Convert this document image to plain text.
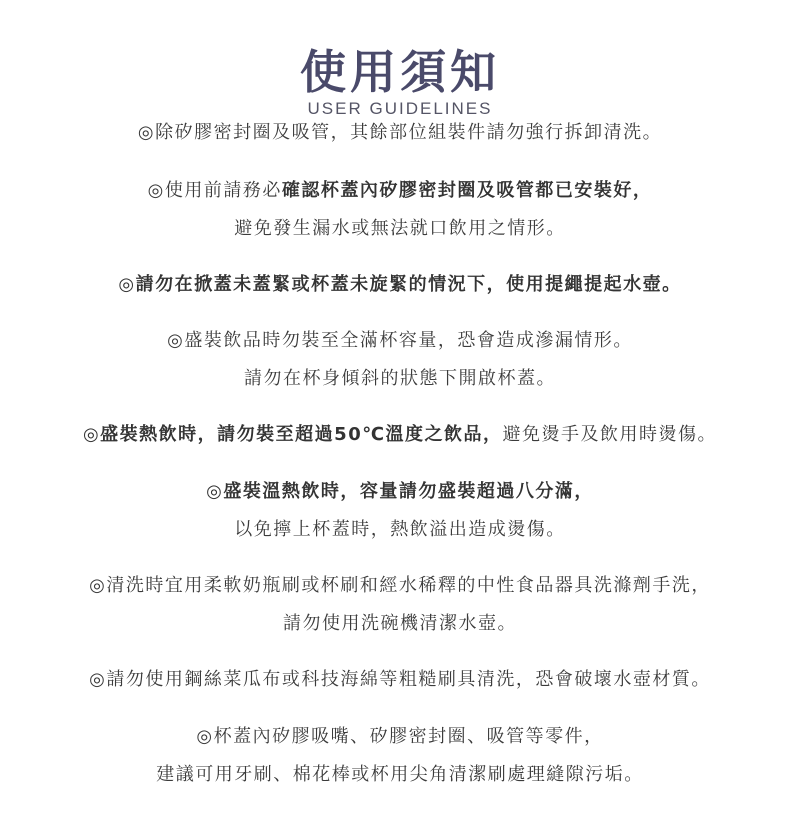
使用須知
USER GUIDELINES
◎除矽膠密封圈及吸管，其餘部位組裝件請勿強行拆卸清洗。
◎使用前請務必確認杯蓋內矽膠密封圈及吸管都已安裝好，
避免發生漏水或無法就口飲用之情形。
◎請勿在掀蓋未蓋緊或杯蓋未旋緊的情況下，使用提繩提起水壺。
◎盛裝飲品時勿裝至全滿杯容量，恐會造成滲漏情形。
請勿在杯身傾斜的狀態下開啟杯蓋。
◎盛裝熱飲時，請勿裝至超過50℃溫度之飲品，避免燙手及飲用時燙傷。
◎盛裝溫熱飲時，容量請勿盛裝超過八分滿，
以免擰上杯蓋時，熱飲溢出造成燙傷。
◎清洗時宜用柔軟奶瓶刷或杯刷和經水稀釋的中性食品器具洗滌劑手洗，
請勿使用洗碗機清潔水壺。
◎請勿使用鋼絲菜瓜布或科技海綿等粗糙刷具清洗，恐會破壞水壺材質。
◎杯蓋內矽膠吸嘴、矽膠密封圈、吸管等零件，
建議可用牙刷、棉花棒或杯用尖角清潔刷處理縫隙污垢。
